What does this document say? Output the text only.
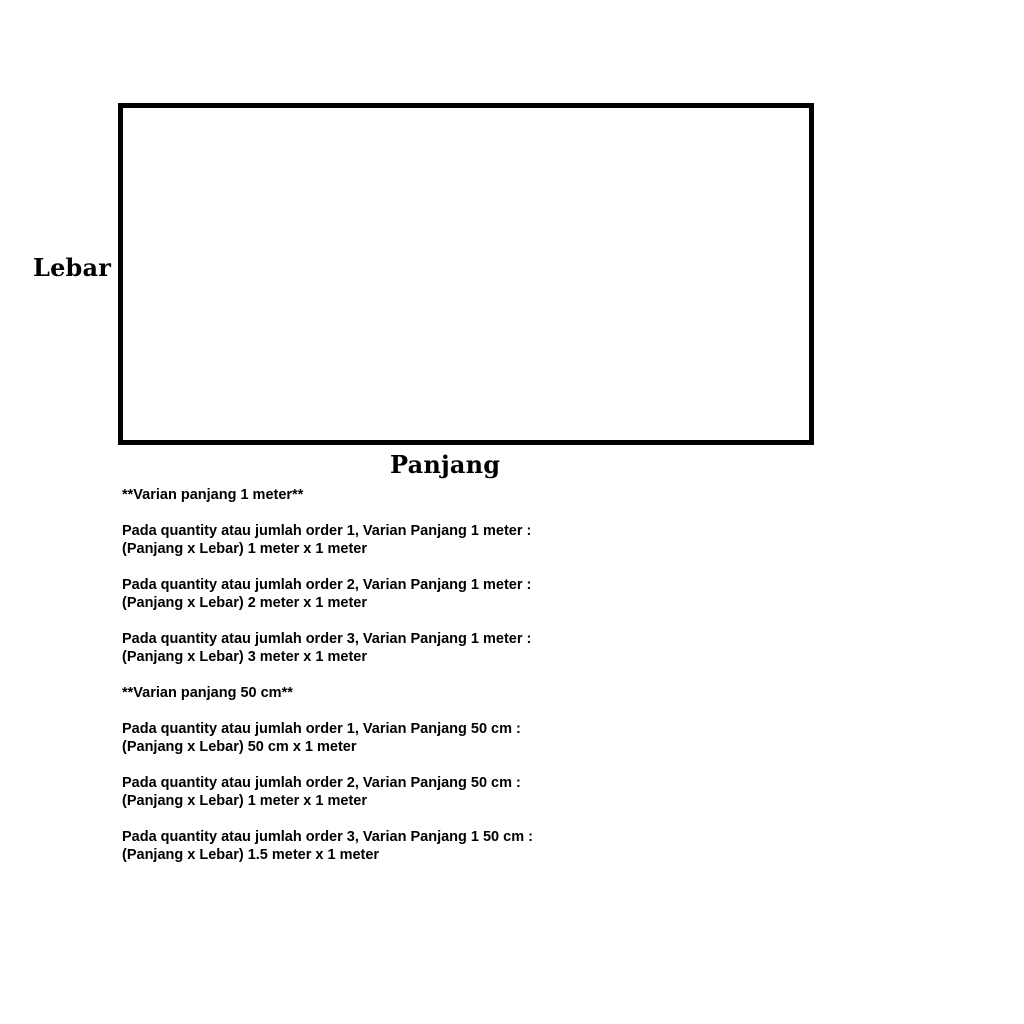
Lebar
Panjang
**Varian panjang 1 meter**
Pada quantity atau jumlah order 1, Varian Panjang 1 meter :
(Panjang x Lebar) 1 meter x 1 meter
Pada quantity atau jumlah order 2, Varian Panjang 1 meter :
(Panjang x Lebar) 2 meter x 1 meter
Pada quantity atau jumlah order 3, Varian Panjang 1 meter :
(Panjang x Lebar) 3 meter x 1 meter
**Varian panjang 50 cm**
Pada quantity atau jumlah order 1, Varian Panjang 50 cm :
(Panjang x Lebar) 50 cm x 1 meter
Pada quantity atau jumlah order 2, Varian Panjang 50 cm :
(Panjang x Lebar) 1 meter x 1 meter
Pada quantity atau jumlah order 3, Varian Panjang 1 50 cm :
(Panjang x Lebar) 1.5 meter x 1 meter
